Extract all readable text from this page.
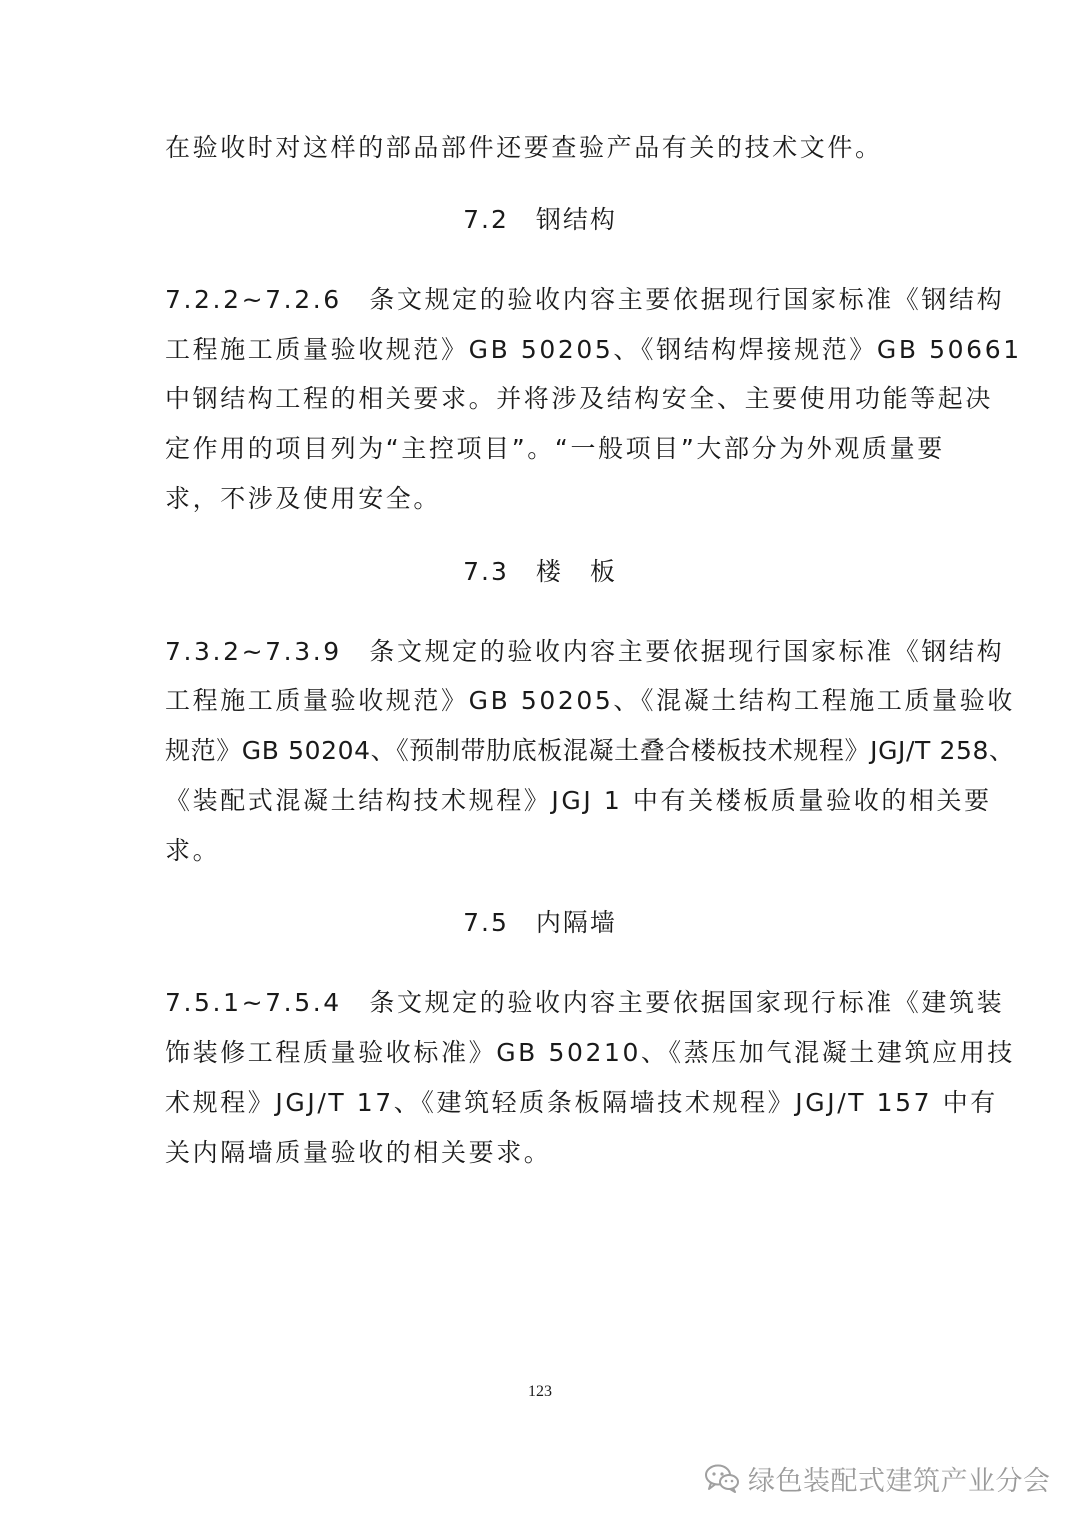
在验收时对这样的部品部件还要查验产品有关的技术文件。
7.2　钢结构
7.2.2~7.2.6　条文规定的验收内容主要依据现行国家标准《钢结构
工程施工质量验收规范》GB 50205、《钢结构焊接规范》GB 50661
中钢结构工程的相关要求。并将涉及结构安全、主要使用功能等起决
定作用的项目列为“主控项目”。“一般项目”大部分为外观质量要
求，不涉及使用安全。
7.3　楼　板
7.3.2~7.3.9　条文规定的验收内容主要依据现行国家标准《钢结构
工程施工质量验收规范》GB 50205、《混凝土结构工程施工质量验收
规范》GB 50204、《预制带肋底板混凝土叠合楼板技术规程》JGJ/T 258、
《装配式混凝土结构技术规程》JGJ 1 中有关楼板质量验收的相关要
求。
7.5　内隔墙
7.5.1~7.5.4　条文规定的验收内容主要依据国家现行标准《建筑装
饰装修工程质量验收标准》GB 50210、《蒸压加气混凝土建筑应用技
术规程》JGJ/T 17、《建筑轻质条板隔墙技术规程》JGJ/T 157 中有
关内隔墙质量验收的相关要求。
123
绿色装配式建筑产业分会
